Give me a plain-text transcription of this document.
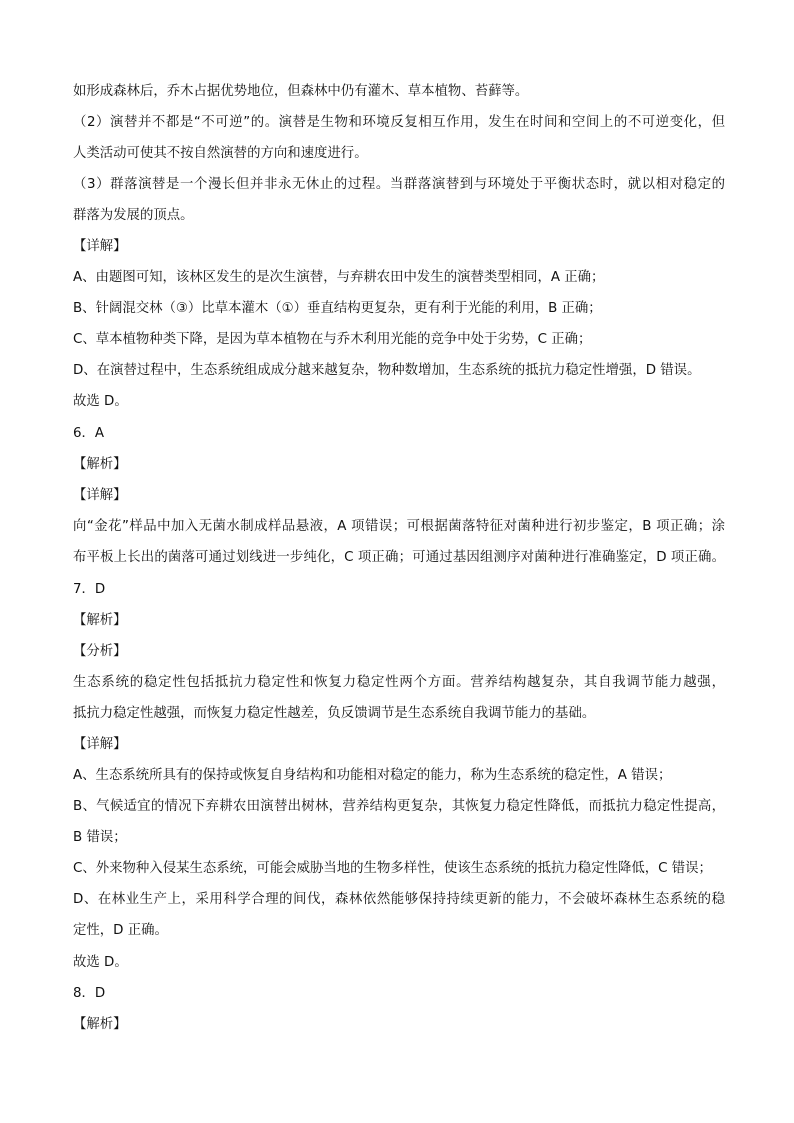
如形成森林后，乔木占据优势地位，但森林中仍有灌木、草本植物、苔藓等。
（2）演替并不都是“不可逆”的。演替是生物和环境反复相互作用，发生在时间和空间上的不可逆变化，但
人类活动可使其不按自然演替的方向和速度进行。
（3）群落演替是一个漫长但并非永无休止的过程。当群落演替到与环境处于平衡状态时，就以相对稳定的
群落为发展的顶点。
【详解】
A、由题图可知，该林区发生的是次生演替，与弃耕农田中发生的演替类型相同，A 正确；
B、针阔混交林（③）比草本灌木（①）垂直结构更复杂，更有利于光能的利用，B 正确；
C、草本植物种类下降，是因为草本植物在与乔木利用光能的竞争中处于劣势，C 正确；
D、在演替过程中，生态系统组成成分越来越复杂，物种数增加，生态系统的抵抗力稳定性增强，D 错误。
故选 D。
6．A
【解析】
【详解】
向“金花”样品中加入无菌水制成样品悬液，A 项错误；可根据菌落特征对菌种进行初步鉴定，B 项正确；涂
布平板上长出的菌落可通过划线进一步纯化，C 项正确；可通过基因组测序对菌种进行准确鉴定，D 项正确。
7．D
【解析】
【分析】
生态系统的稳定性包括抵抗力稳定性和恢复力稳定性两个方面。营养结构越复杂，其自我调节能力越强，
抵抗力稳定性越强，而恢复力稳定性越差，负反馈调节是生态系统自我调节能力的基础。
【详解】
A、生态系统所具有的保持或恢复自身结构和功能相对稳定的能力，称为生态系统的稳定性，A 错误；
B、气候适宜的情况下弃耕农田演替出树林，营养结构更复杂，其恢复力稳定性降低，而抵抗力稳定性提高，
B 错误；
C、外来物种入侵某生态系统，可能会威胁当地的生物多样性，使该生态系统的抵抗力稳定性降低，C 错误；
D、在林业生产上，采用科学合理的间伐，森林依然能够保持持续更新的能力，不会破坏森林生态系统的稳
定性，D 正确。
故选 D。
8．D
【解析】
